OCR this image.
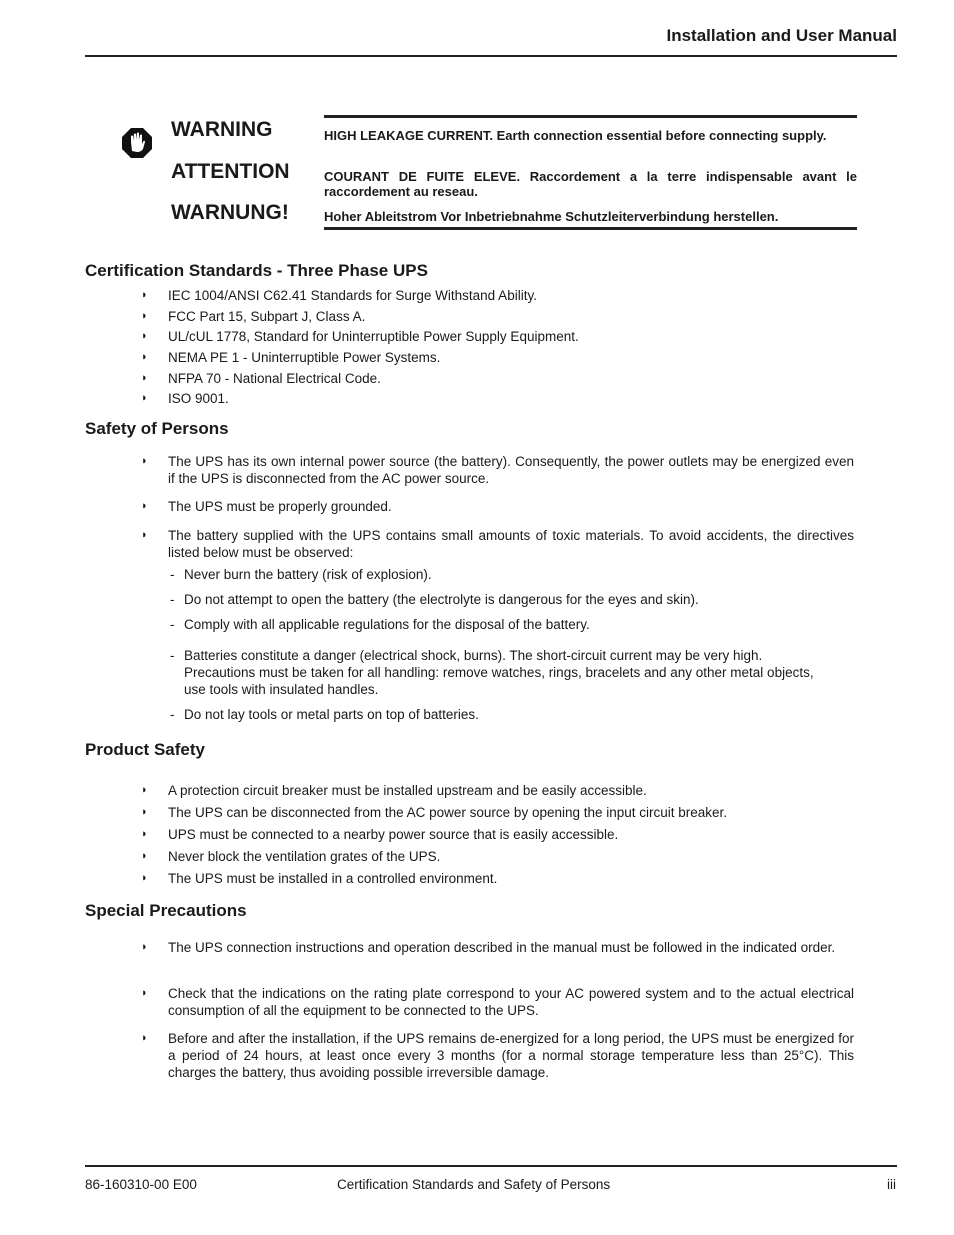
Installation and User Manual
WARNING
ATTENTION
WARNUNG!
HIGH LEAKAGE CURRENT. Earth connection essential before connecting supply.
COURANT DE FUITE ELEVE. Raccordement a la terre indispensable avant le raccordement au reseau.
Hoher Ableitstrom Vor Inbetriebnahme Schutzleiterverbindung herstellen.
Certification Standards - Three Phase UPS
◗ IEC 1004/ANSI C62.41 Standards for Surge Withstand Ability.
◗ FCC Part 15, Subpart J, Class A.
◗ UL/cUL 1778, Standard for Uninterruptible Power Supply Equipment.
◗ NEMA PE 1 - Uninterruptible Power Systems.
◗ NFPA 70 - National Electrical Code.
◗ ISO 9001.
Safety of Persons
◗ The UPS has its own internal power source (the battery). Consequently, the power outlets may be energized even if the UPS is disconnected from the AC power source.
◗ The UPS must be properly grounded.
◗ The battery supplied with the UPS contains small amounts of toxic materials. To avoid accidents, the directives listed below must be observed:
- Never burn the battery (risk of explosion).
- Do not attempt to open the battery (the electrolyte is dangerous for the eyes and skin).
- Comply with all applicable regulations for the disposal of the battery.
- Batteries constitute a danger (electrical shock, burns). The short-circuit current may be very high. Precautions must be taken for all handling: remove watches, rings, bracelets and any other metal objects, use tools with insulated handles.
- Do not lay tools or metal parts on top of batteries.
Product Safety
◗ A protection circuit breaker must be installed upstream and be easily accessible.
◗ The UPS can be disconnected from the AC power source by opening the input circuit breaker.
◗ UPS must be connected to a nearby power source that is easily accessible.
◗ Never block the ventilation grates of the UPS.
◗ The UPS must be installed in a controlled environment.
Special Precautions
◗ The UPS connection instructions and operation described in the manual must be followed in the indicated order.
◗ Check that the indications on the rating plate correspond to your AC powered system and to the actual electrical consumption of all the equipment to be connected to the UPS.
◗ Before and after the installation, if the UPS remains de-energized for a long period, the UPS must be energized for a period of 24 hours, at least once every 3 months (for a normal storage temperature less than 25°C). This charges the battery, thus avoiding possible irreversible damage.
86-160310-00 E00	Certification Standards and Safety of Persons	iii
